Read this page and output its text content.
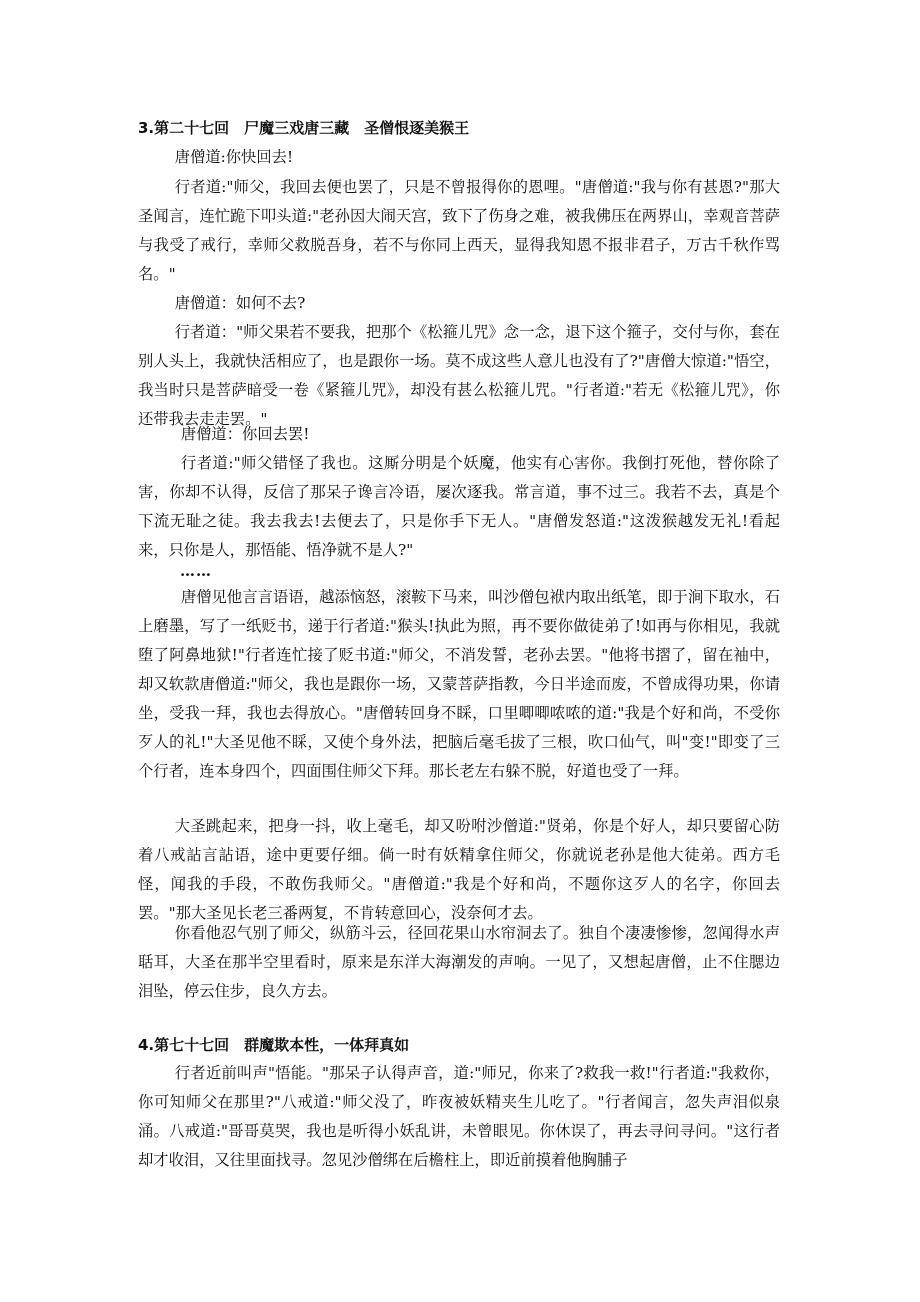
3.第二十七回　尸魔三戏唐三藏　圣僧恨逐美猴王

唐僧道:你快回去!

行者道:"师父，我回去便也罢了，只是不曾报得你的恩哩。"唐僧道:"我与你有甚恩?"那大圣闻言，连忙跪下叩头道:"老孙因大闹天宫，致下了伤身之难，被我佛压在两界山，幸观音菩萨与我受了戒行，幸师父救脱吾身，若不与你同上西天，显得我知恩不报非君子，万古千秋作骂名。"

唐僧道：如何不去?

行者道："师父果若不要我，把那个《松箍儿咒》念一念，退下这个箍子，交付与你，套在别人头上，我就快活相应了，也是跟你一场。莫不成这些人意儿也没有了?"唐僧大惊道:"悟空，我当时只是菩萨暗受一卷《紧箍儿咒》，却没有甚么松箍儿咒。"行者道:"若无《松箍儿咒》，你还带我去走走罢。"

唐僧道：你回去罢!

行者道:"师父错怪了我也。这厮分明是个妖魔，他实有心害你。我倒打死他，替你除了害，你却不认得，反信了那呆子谗言冷语，屡次逐我。常言道，事不过三。我若不去，真是个下流无耻之徒。我去我去!去便去了，只是你手下无人。"唐僧发怒道:"这泼猴越发无礼!看起来，只你是人，那悟能、悟净就不是人?"

……

唐僧见他言言语语，越添恼怒，滚鞍下马来，叫沙僧包袱内取出纸笔，即于涧下取水，石上磨墨，写了一纸贬书，递于行者道:"猴头!执此为照，再不要你做徒弟了!如再与你相见，我就堕了阿鼻地狱!"行者连忙接了贬书道:"师父，不消发誓，老孙去罢。"他将书摺了，留在袖中，却又软款唐僧道:"师父，我也是跟你一场，又蒙菩萨指教，今日半途而废，不曾成得功果，你请坐，受我一拜，我也去得放心。"唐僧转回身不睬，口里唧唧哝哝的道:"我是个好和尚，不受你歹人的礼!"大圣见他不睬，又使个身外法，把脑后毫毛拔了三根，吹口仙气，叫"变!"即变了三个行者，连本身四个，四面围住师父下拜。那长老左右躲不脱，好道也受了一拜。

大圣跳起来，把身一抖，收上毫毛，却又吩咐沙僧道:"贤弟，你是个好人，却只要留心防着八戒詀言詀语，途中更要仔细。倘一时有妖精拿住师父，你就说老孙是他大徒弟。西方毛怪，闻我的手段，不敢伤我师父。"唐僧道:"我是个好和尚，不题你这歹人的名字，你回去罢。"那大圣见长老三番两复，不肯转意回心，没奈何才去。

你看他忍气别了师父，纵筋斗云，径回花果山水帘洞去了。独自个凄凄惨惨，忽闻得水声聒耳，大圣在那半空里看时，原来是东洋大海潮发的声响。一见了，又想起唐僧，止不住腮边泪坠，停云住步，良久方去。

4.第七十七回　群魔欺本性，一体拜真如

行者近前叫声"悟能。"那呆子认得声音，道:"师兄，你来了?救我一救!"行者道:"我救你，你可知师父在那里?"八戒道:"师父没了，昨夜被妖精夹生儿吃了。"行者闻言，忽失声泪似泉涌。八戒道:"哥哥莫哭，我也是听得小妖乱讲，未曾眼见。你休误了，再去寻问寻问。"这行者却才收泪，又往里面找寻。忽见沙僧绑在后檐柱上，即近前摸着他胸脯子
